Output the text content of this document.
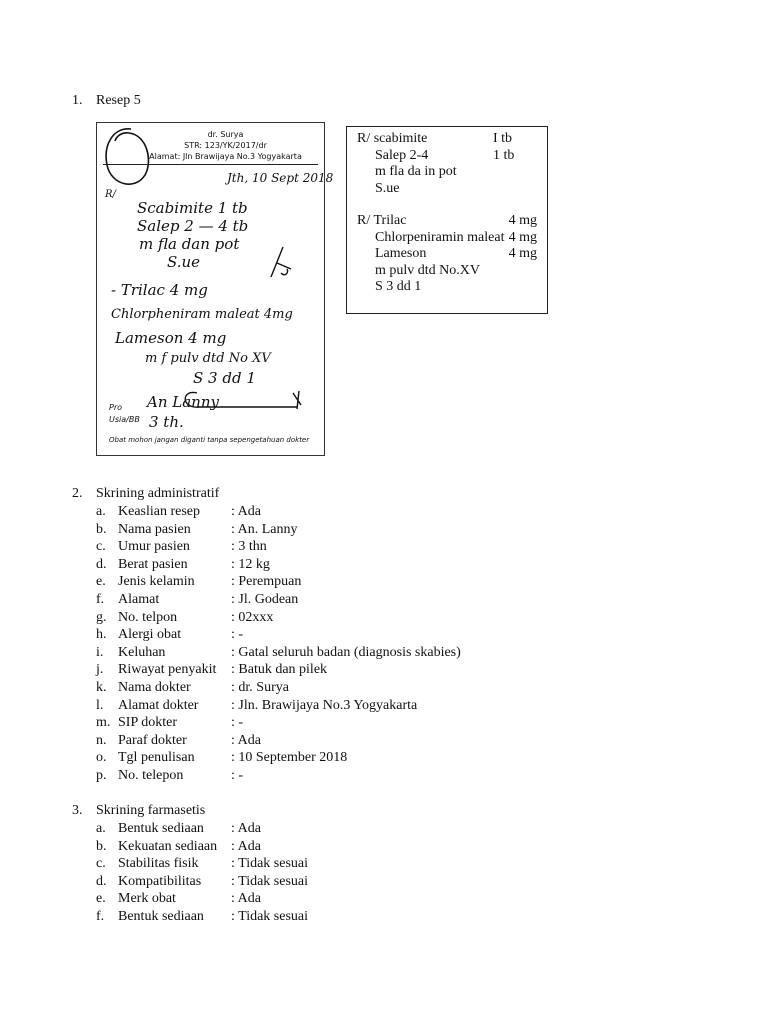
1. Resep 5
dr. Surya
STR: 123/YK/2017/dr
Alamat: Jln Brawijaya No.3 Yogyakarta
Jth, 10 Sept 2018
R/
Scabimite 1 tb
Salep 2 — 4 tb
m fla dan pot
S.ue
- Trilac 4 mg
Chlorpheniram maleat 4mg
Lameson 4 mg
m f pulv dtd No XV
S 3 dd 1
Pro An Lanny
Usia/BB 3 th.
Obat mohon jangan diganti tanpa sepengetahuan dokter
R/ scabimite	I tb
Salep 2-4	1 tb
m fla da in pot
S.ue
R/ Trilac	4 mg
Chlorpeniramin maleat 4 mg
Lameson	4 mg
m pulv dtd No.XV
S 3 dd 1
2. Skrining administratif
a. Keaslian resep : Ada
b. Nama pasien	: An. Lanny
c. Umur pasien	: 3 thn
d. Berat pasien	: 12 kg
e. Jenis kelamin	: Perempuan
f. Alamat	: Jl. Godean
g. No. telpon	: 02xxx
h. Alergi obat	: -
i. Keluhan	: Gatal seluruh badan (diagnosis skabies)
j. Riwayat penyakit : Batuk dan pilek
k. Nama dokter	: dr. Surya
l. Alamat dokter : Jln. Brawijaya No.3 Yogyakarta
m. SIP dokter	: -
n. Paraf dokter	: Ada
o. Tgl penulisan	: 10 September 2018
p. No. telepon	: -
3. Skrining farmasetis
a. Bentuk sediaan : Ada
b. Kekuatan sediaan : Ada
c. Stabilitas fisik : Tidak sesuai
d. Kompatibilitas : Tidak sesuai
e. Merk obat	: Ada
f. Bentuk sediaan : Tidak sesuai
